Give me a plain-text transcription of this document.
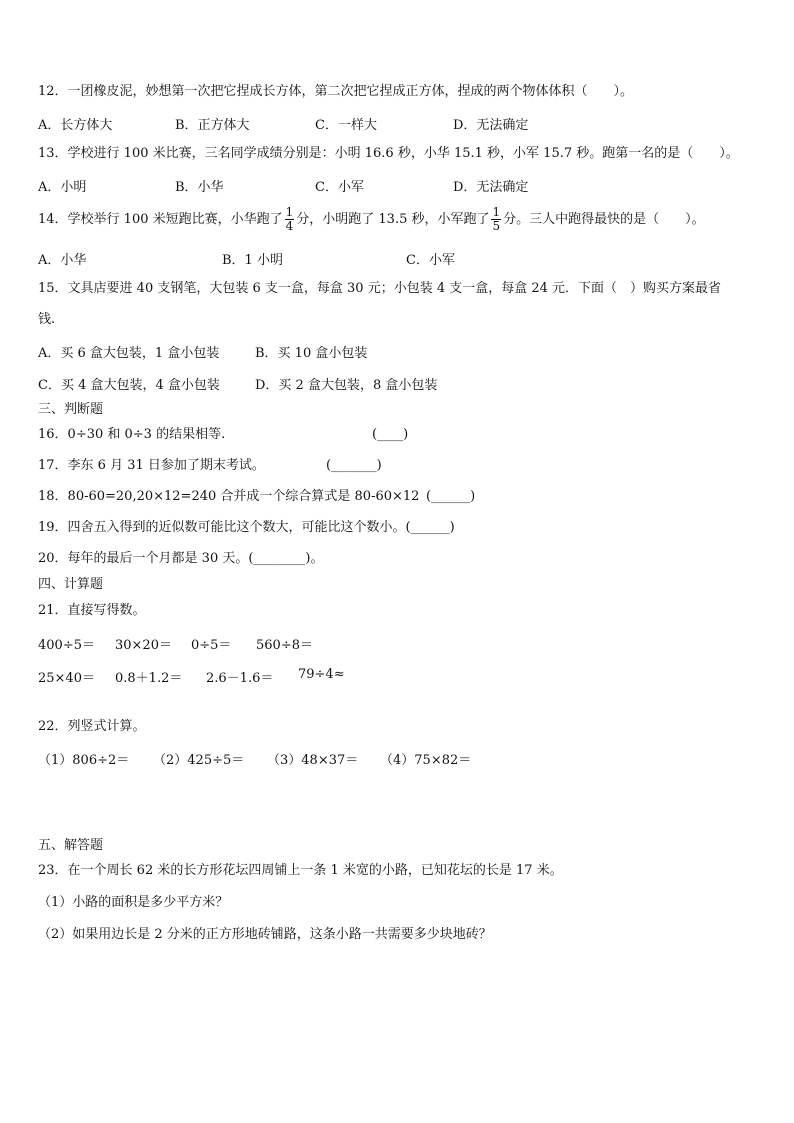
12．一团橡皮泥，妙想第一次把它捏成长方体，第二次把它捏成正方体，捏成的两个物体体积（　　）。
A．长方体大	B．正方体大	C．一样大	D．无法确定
13．学校进行 100 米比赛，三名同学成绩分别是：小明 16.6 秒，小华 15.1 秒，小军 15.7 秒。跑第一名的是（　　）。
A．小明	B．小华	C．小军	D．无法确定
14．学校举行 100 米短跑比赛，小华跑了 $\frac{1}{4}$ 分，小明跑了 13.5 秒，小军跑了 $\frac{1}{5}$ 分。三人中跑得最快的是（　　）。
A．小华	B．1 小明	C．小军
15．文具店要进 40 支钢笔，大包装 6 支一盒，每盒 30 元；小包装 4 支一盒，每盒 24 元．下面（　）购买方案最省
钱.
A．买 6 盒大包装，1 盒小包装	B．买 10 盒小包装
C．买 4 盒大包装，4 盒小包装	D．买 2 盒大包装，8 盒小包装
三、判断题
16．0÷30 和 0÷3 的结果相等.	(____)
17．李东 6 月 31 日参加了期末考试。	(_______)
18．80-60=20,20×12=240 合并成一个综合算式是 80-60×12 (______)
19．四舍五入得到的近似数可能比这个数大，可能比这个数小。(______)
20．每年的最后一个月都是 30 天。(________)。
四、计算题
21．直接写得数。
400÷5＝ 30×20＝ 0÷5＝ 560÷8＝
25×40＝ 0.8＋1.2＝ 2.6－1.6＝ 79÷4≈
22．列竖式计算。
（1）806÷2＝ （2）425÷5＝ （3）48×37＝ （4）75×82＝
五、解答题
23．在一个周长 62 米的长方形花坛四周铺上一条 1 米宽的小路，已知花坛的长是 17 米。
（1）小路的面积是多少平方米？
（2）如果用边长是 2 分米的正方形地砖铺路，这条小路一共需要多少块地砖？
